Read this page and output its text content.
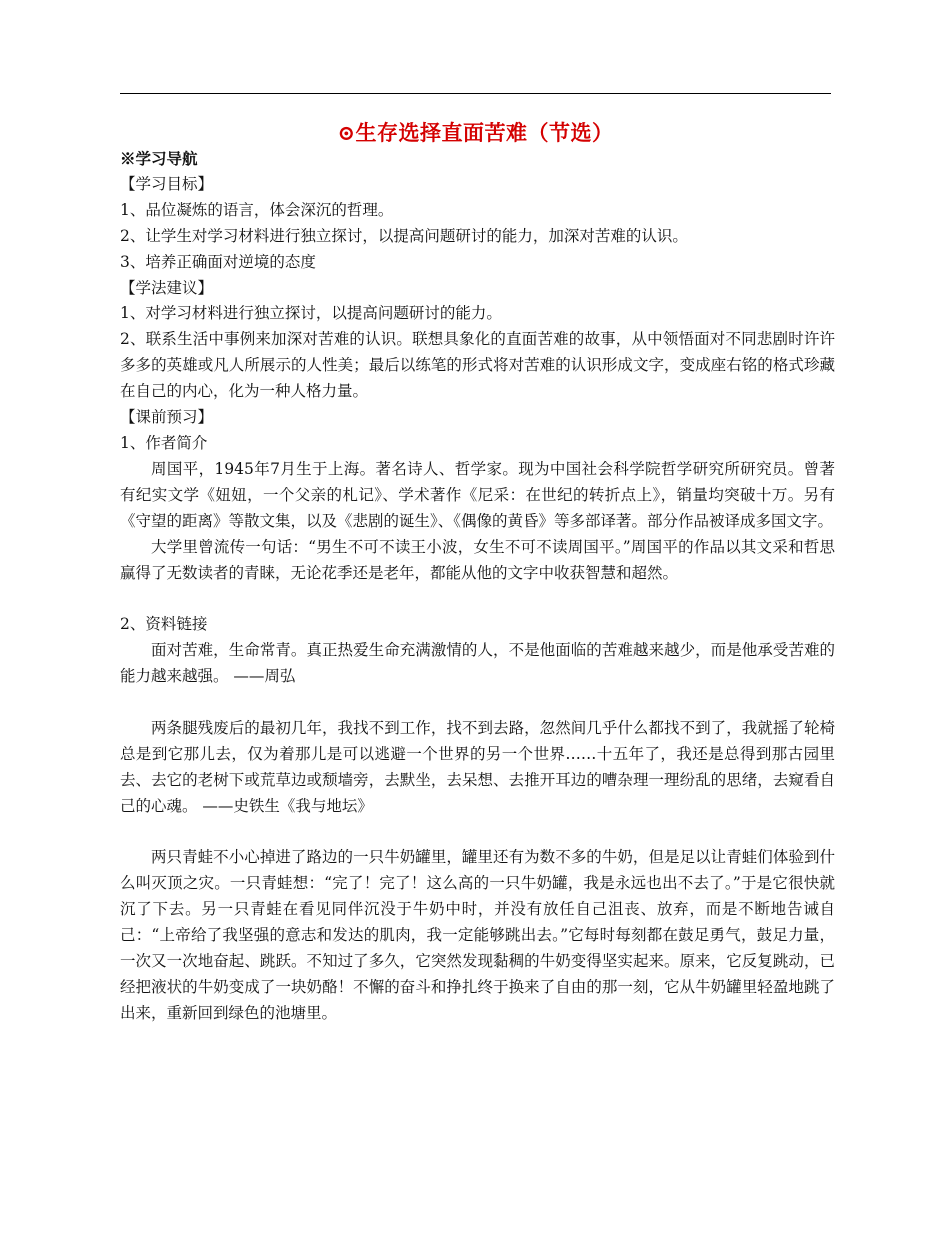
⊙生存选择直面苦难（节选）

※学习导航

【学习目标】

1、品位凝炼的语言，体会深沉的哲理。

2、让学生对学习材料进行独立探讨，以提高问题研讨的能力，加深对苦难的认识。

3、培养正确面对逆境的态度

【学法建议】

1、对学习材料进行独立探讨，以提高问题研讨的能力。

2、联系生活中事例来加深对苦难的认识。联想具象化的直面苦难的故事，从中领悟面对不同悲剧时许许多多的英雄或凡人所展示的人性美；最后以练笔的形式将对苦难的认识形成文字，变成座右铭的格式珍藏在自己的内心，化为一种人格力量。

【课前预习】

1、作者简介

周国平，1945年7月生于上海。著名诗人、哲学家。现为中国社会科学院哲学研究所研究员。曾著有纪实文学《妞妞，一个父亲的札记》、学术著作《尼采：在世纪的转折点上》，销量均突破十万。另有《守望的距离》等散文集，以及《悲剧的诞生》、《偶像的黄昏》等多部译著。部分作品被译成多国文字。

大学里曾流传一句话：“男生不可不读王小波，女生不可不读周国平。”周国平的作品以其文采和哲思赢得了无数读者的青睐，无论花季还是老年，都能从他的文字中收获智慧和超然。

2、资料链接

面对苦难，生命常青。真正热爱生命充满激情的人，不是他面临的苦难越来越少，而是他承受苦难的能力越来越强。 ——周弘

两条腿残废后的最初几年，我找不到工作，找不到去路，忽然间几乎什么都找不到了，我就摇了轮椅总是到它那儿去，仅为着那儿是可以逃避一个世界的另一个世界……十五年了，我还是总得到那古园里去、去它的老树下或荒草边或颓墙旁，去默坐，去呆想、去推开耳边的嘈杂理一理纷乱的思绪，去窥看自己的心魂。 ——史铁生《我与地坛》

两只青蛙不小心掉进了路边的一只牛奶罐里，罐里还有为数不多的牛奶，但是足以让青蛙们体验到什么叫灭顶之灾。一只青蛙想：“完了！完了！这么高的一只牛奶罐，我是永远也出不去了。”于是它很快就沉了下去。另一只青蛙在看见同伴沉没于牛奶中时，并没有放任自己沮丧、放弃，而是不断地告诫自己：“上帝给了我坚强的意志和发达的肌肉，我一定能够跳出去。”它每时每刻都在鼓足勇气，鼓足力量，一次又一次地奋起、跳跃。不知过了多久，它突然发现黏稠的牛奶变得坚实起来。原来，它反复跳动，已经把液状的牛奶变成了一块奶酪！不懈的奋斗和挣扎终于换来了自由的那一刻，它从牛奶罐里轻盈地跳了出来，重新回到绿色的池塘里。
